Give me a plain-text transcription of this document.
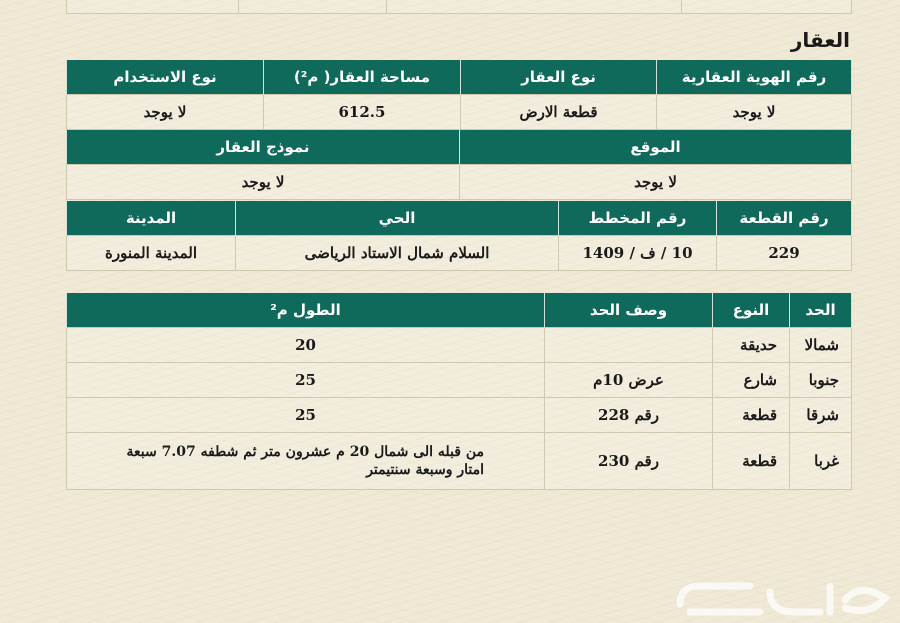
العقار
رقم الهوية العقارية	نوع العقار	مساحة العقار( م²)	نوع الاستخدام
لا يوجد	قطعة الارض	612.5	لا يوجد
الموقع	نموذج العقار
لا يوجد	لا يوجد
رقم القطعة	رقم المخطط	الحي	المدينة
229	10 / ف / 1409	السلام شمال الاستاد الرياضى	المدينة المنورة
الحد	النوع	وصف الحد	الطول م²
شمالا	حديقة		20
جنوبا	شارع	عرض 10م	25
شرقا	قطعة	رقم 228	25
غربا	قطعة	رقم 230	من قبله الى شمال 20 م عشرون متر ثم شطفه 7.07 سبعة امتار وسبعة سنتيمتر
